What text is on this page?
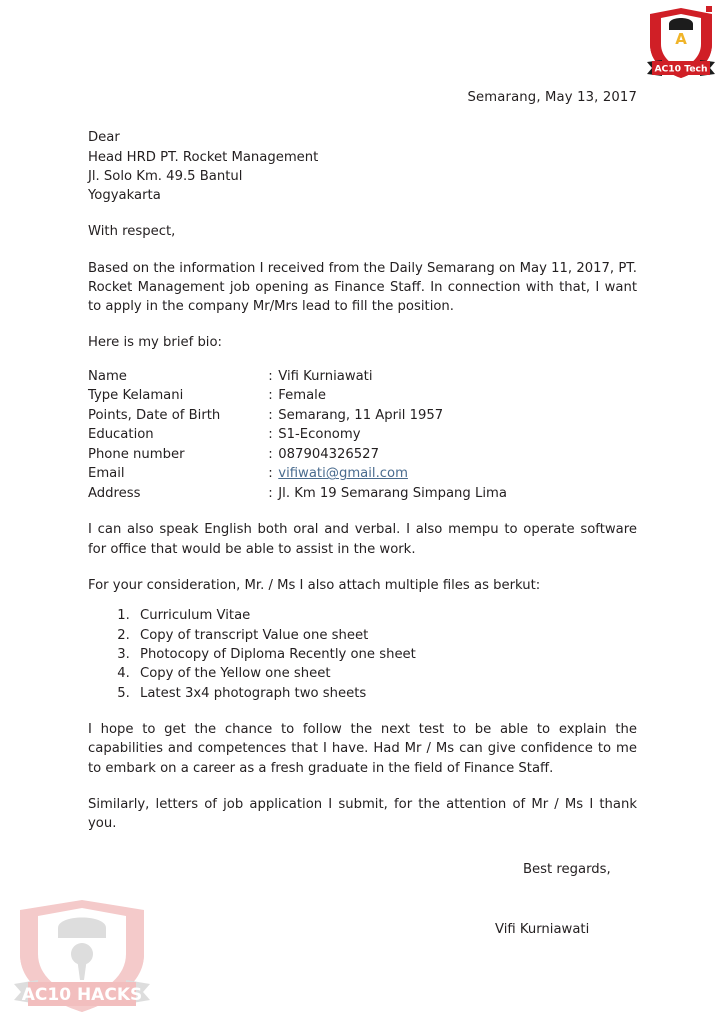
A
AC10 Tech
Semarang, May 13, 2017
Dear
Head HRD PT. Rocket Management
Jl. Solo Km. 49.5 Bantul
Yogyakarta

With respect,

Based on the information I received from the Daily Semarang on May 11, 2017, PT. Rocket Management job opening as Finance Staff. In connection with that, I want to apply in the company Mr/Mrs lead to fill the position.

Here is my brief bio:

Name	:	Vifi Kurniawati
Type Kelamani	:	Female
Points, Date of Birth	:	Semarang, 11 April 1957
Education	:	S1-Economy
Phone number	:	087904326527
Email	:	vifiwati@gmail.com
Address	:	Jl. Km 19 Semarang Simpang Lima

I can also speak English both oral and verbal. I also mempu to operate software for office that would be able to assist in the work.

For your consideration, Mr. / Ms I also attach multiple files as berkut:

1. Curriculum Vitae
2. Copy of transcript Value one sheet
3. Photocopy of Diploma Recently one sheet
4. Copy of the Yellow one sheet
5. Latest 3x4 photograph two sheets

I hope to get the chance to follow the next test to be able to explain the capabilities and competences that I have. Had Mr / Ms can give confidence to me to embark on a career as a fresh graduate in the field of Finance Staff.

Similarly, letters of job application I submit, for the attention of Mr / Ms I thank you.

Best regards,
Vifi Kurniawati
AC10 HACKS
